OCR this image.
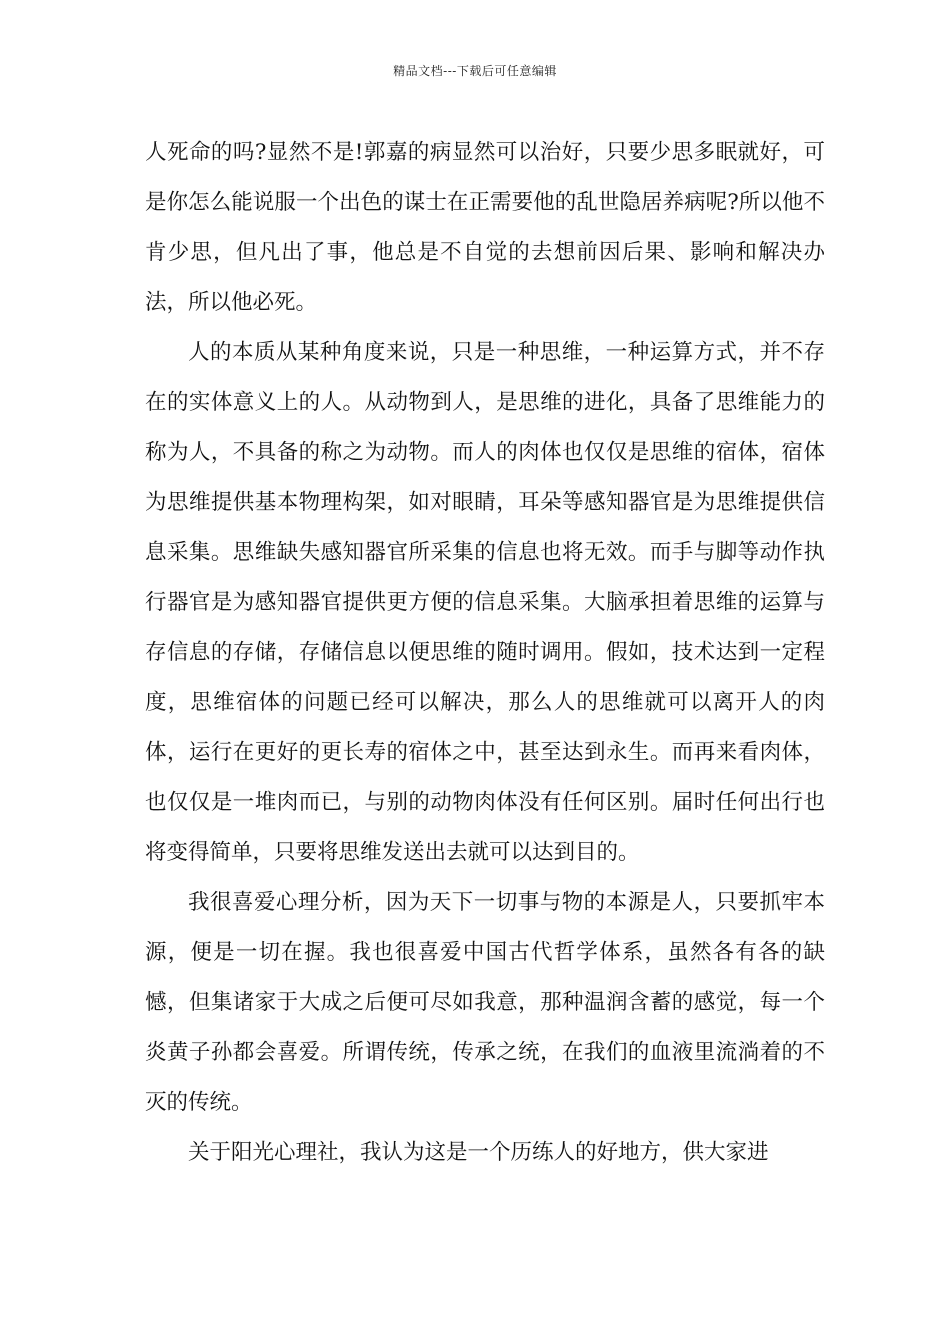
精品文档---下载后可任意编辑

人死命的吗?显然不是!郭嘉的病显然可以治好，只要少思多眠就好，可是你怎么能说服一个出色的谋士在正需要他的乱世隐居养病呢?所以他不肯少思，但凡出了事，他总是不自觉的去想前因后果、影响和解决办法，所以他必死。

人的本质从某种角度来说，只是一种思维，一种运算方式，并不存在的实体意义上的人。从动物到人，是思维的进化，具备了思维能力的称为人，不具备的称之为动物。而人的肉体也仅仅是思维的宿体，宿体为思维提供基本物理构架，如对眼睛，耳朵等感知器官是为思维提供信息采集。思维缺失感知器官所采集的信息也将无效。而手与脚等动作执行器官是为感知器官提供更方便的信息采集。大脑承担着思维的运算与存信息的存储，存储信息以便思维的随时调用。假如，技术达到一定程度，思维宿体的问题已经可以解决，那么人的思维就可以离开人的肉体，运行在更好的更长寿的宿体之中，甚至达到永生。而再来看肉体，也仅仅是一堆肉而已，与别的动物肉体没有任何区别。届时任何出行也将变得简单，只要将思维发送出去就可以达到目的。

我很喜爱心理分析，因为天下一切事与物的本源是人，只要抓牢本源，便是一切在握。我也很喜爱中国古代哲学体系，虽然各有各的缺憾，但集诸家于大成之后便可尽如我意，那种温润含蓄的感觉，每一个炎黄子孙都会喜爱。所谓传统，传承之统，在我们的血液里流淌着的不灭的传统。

关于阳光心理社，我认为这是一个历练人的好地方，供大家进
